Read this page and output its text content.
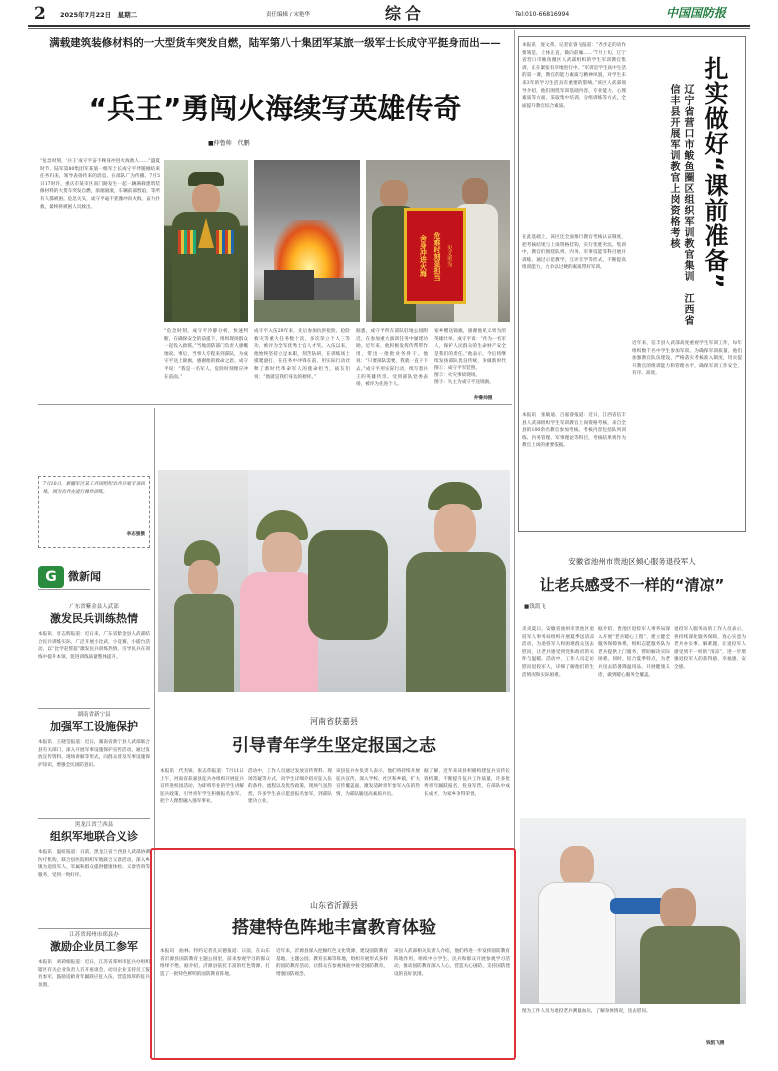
2 2025年7月22日　星期二	责任编辑 / 宋艳华	综合	Tel:010-66816994	中国国防报
满载建筑装修材料的一大型货车突发自燃，陆军第八十集团军某旅一级军士长成守平挺身而出——
“兵王”勇闯火海续写英雄传奇
■仲鲁帅　代鹏
“危急时刻，‘兵王’成守平奋不顾身冲进火海救人……”盛夏时节，陆军第80集团军某旅一级军士长成守平伴随刚结束任务归来，领导表扬传来的消息，在部队广为传播。7月5日17时许，重庆市某市区南门路发生一起一辆满载建筑装修材料的大货车突发自燃，浓烟滚滚，车辆前部烈焰，等所有人都被困。危急关头，成守平毫不犹豫冲向火海，奋力扑救，最终将被困人员救出。
舍身冲进火海 危难时刻显担当 见义勇为
“危急时刻，成守平冷静分析，快速判断，在确保安全的前提下，组织现场群众一起投入救援。”当地消防部门负责人感慨地说。事后，当事人专程来到部队，为成守平送上锦旗，感谢他的救命之恩。成守平说：“我是一名军人，危险时刻理应冲在前面。”
成守平入伍29年来，先后参加抗洪抢险、抢险救灾等重大任务数十次，多次荣立个人三等功，被评为全军优秀士官人才奖。入伍以来，他始终坚持立足本职，刻苦钻研，在训练场上摸爬滚打，在任务中冲锋在前，用实际行动诠释了新时代革命军人的使命担当。战友们说：“他就是我们身边的榜样。”
据悉，成守平所在部队驻地公园附近，在参加重大演训任务中屡建功勋。近年来，他积极发挥传帮带作用，带出一批批业务骨干。他说：“只要部队需要，我就一直干下去。”成守平用实际行动，续写着兵王的英雄传奇。受到部队党委表扬，被评为先进个人。
家乡赠送锦旗，感谢他见义勇为的英雄壮举。成守平说：“作为一名军人，保护人民群众的生命财产安全是我们的责任。”他表示，今后将继续发扬部队优良传统，争做新时代
图①：成守平军装照。
图②：火灾事故现场。
图③：失主为成守平送锦旗。
仲鲁帅摄
本报讯　庞文蒂、记者宦睿飞报道：“齐步走的动作要领是，上体正直，微向前倾……”7月上旬，辽宁省营口市鲅鱼圈区人武部组织的学生军训教官集训，正在紧张有序地进行中。“军训是学生高中生活的第一课，教官的能力素质与精神风貌，对学生未来3年的学习生活具有重要的影响。”该区人武部领导介绍，他们围绕军训基础内容，专业能力、心理素质等方面，采取集中培训、分组训练等方式，全面提升教官综合素质。
在此基础上，该区还全面推行教官考核认证制度，把考核结果与上岗资格挂钩，实行优胜劣汰。集训中，教官们围绕队列、内务、军事技能等科目展开训练，通过示范教学、互评互学等形式，不断提高组训能力，力争以过硬的素质带好军训。
本报讯　张敏迪、吕嘉睿报道：近日，江西省信丰县人武部组织学生军训教官上岗资格考核，来自全县的100余名教官参加考核。考核内容包括队列训练、内务管理、军事理论等科目，考核结果将作为教官上岗的重要依据。
扎实做好“课前准备”
辽宁省营口市鲅鱼圈区组织军训教官集训　江西省信丰县开展军训教官上岗资格考核
近年来，信丰县人武部高度重视学生军训工作，每年组织数千名中学生参加军训。为确保军训质量，他们加强教官队伍建设，严格落实考核准入制度，切实提升教官的组训能力和管理水平，确保军训工作安全、有序、高效。
7月10日，新疆军区某工兵团组织官兵开展专项训练，图为官兵在进行操作训练。
李志强摄
G	微新闻
广东省紫金县人武部
激发民兵训练热情
本报讯　甘志辉报道：近日来，广东省紫金县人武部结合民兵训练实际，广泛开展小比武、小竞赛、小擂台活动，以“比学赶帮超”激发民兵训练热情，引导民兵在训练中提升本领，促进训练质量整体提升。
湖南省新宁县
加强军工设施保护
本报讯　王晓莹报道：近日，湖南省新宁县人武部联合县有关部门，深入开展军事设施保护宣传活动，通过发放宣传资料、现场讲解等形式，向群众普及军事设施保护知识，增强全民国防意识。
黑龙江省兰西县
组织军地联合义诊
本报讯　温虹报道：日前，黑龙江省兰西县人武部协调医疗机构，联合县医院组织军地联合义诊活动，深入乡镇为退役军人、军属和群众提供健康体检、义诊咨询等服务，受到一致好评。
江苏省邳州市邳县办
激励企业员工参军
本报讯　刘莉娟报道：近日，江苏省邳州市征兵办组织辖区有关企业负责人召开座谈会，动员企业支持员工报名参军，鼓励适龄青年踊跃应征入伍，营造浓厚的征兵氛围。
河南省获嘉县
引导青年学生坚定报国之志
本报讯　代杰锐、张志伟报道：7月11日上午，河南省获嘉县征兵办组织开展征兵宣传进校园活动，为即将毕业的学生讲解征兵政策，引导青年学生积极报名参军，把个人理想融入强军事业。
活动中，工作人员通过发放宣传资料、现场答疑等方式，向学生详细介绍应征入伍的条件、流程以及优待政策，现场气氛热烈，许多学生表示愿意报名参军，到部队建功立业。
该县征兵办负责人表示，他们将持续开展征兵宣传，深入学校、社区和乡镇，扩大宣传覆盖面，激发适龄青年参军入伍的热情，为部队输送高素质兵员。
据了解，近年来该县积极构建征兵宣传长效机制，不断提升征兵工作质量，许多优秀青年踊跃报名，投身军营，在部队中成长成才，为家乡争得荣誉。
山东省沂源县
搭建特色阵地丰富教育体验
本报讯　曲林、特约记者孔庆德报道：日前，在山东省沂源县国防教育主题公园里，前来参观学习的群众络绎不绝。据介绍，沂源县依托丰富的红色资源，打造了一批特色鲜明的国防教育阵地。
近年来，沂源县深入挖掘红色文化资源，建设国防教育基地、主题公园、教育长廊等阵地，组织开展形式多样的国防教育活动，让群众在参观体验中接受国防教育，增强国防观念。
该县人武部相关负责人介绍，他们将进一步发挥国防教育阵地作用，组织中小学生、民兵和群众开展参观学习活动，推动国防教育深入人心，营造关心国防、支持国防建设的良好氛围。
安徽省池州市贵池区倾心服务退役军人
让老兵感受不一样的“清凉”
■钱凯飞
炎炎夏日，安徽省池州市贵池区退役军人事务局组织开展夏季送清凉活动，为退役军人和困难群众送去慰问，让老兵感受到党和政府的关怀与温暖。活动中，工作人员走访慰问退役军人，详细了解他们的生活情况和实际困难。
据介绍，贵池区退役军人事务局深入开展“老兵暖心工程”，建立健全服务保障体系，组织志愿服务队为老兵提供上门服务，帮助解决实际困难。同时，结合夏季特点，为老兵送去防暑降温用品，开展健康义诊，做到暖心服务全覆盖。
退役军人服务站的工作人员表示，将持续深化服务保障，真心实意为老兵办实事、解难题，让退役军人感受到不一样的“清凉”，进一步增强退役军人的获得感、幸福感、安全感。
图为工作人员为退役老兵测量血压，了解身体情况，送去慰问。
钱凯飞摄
